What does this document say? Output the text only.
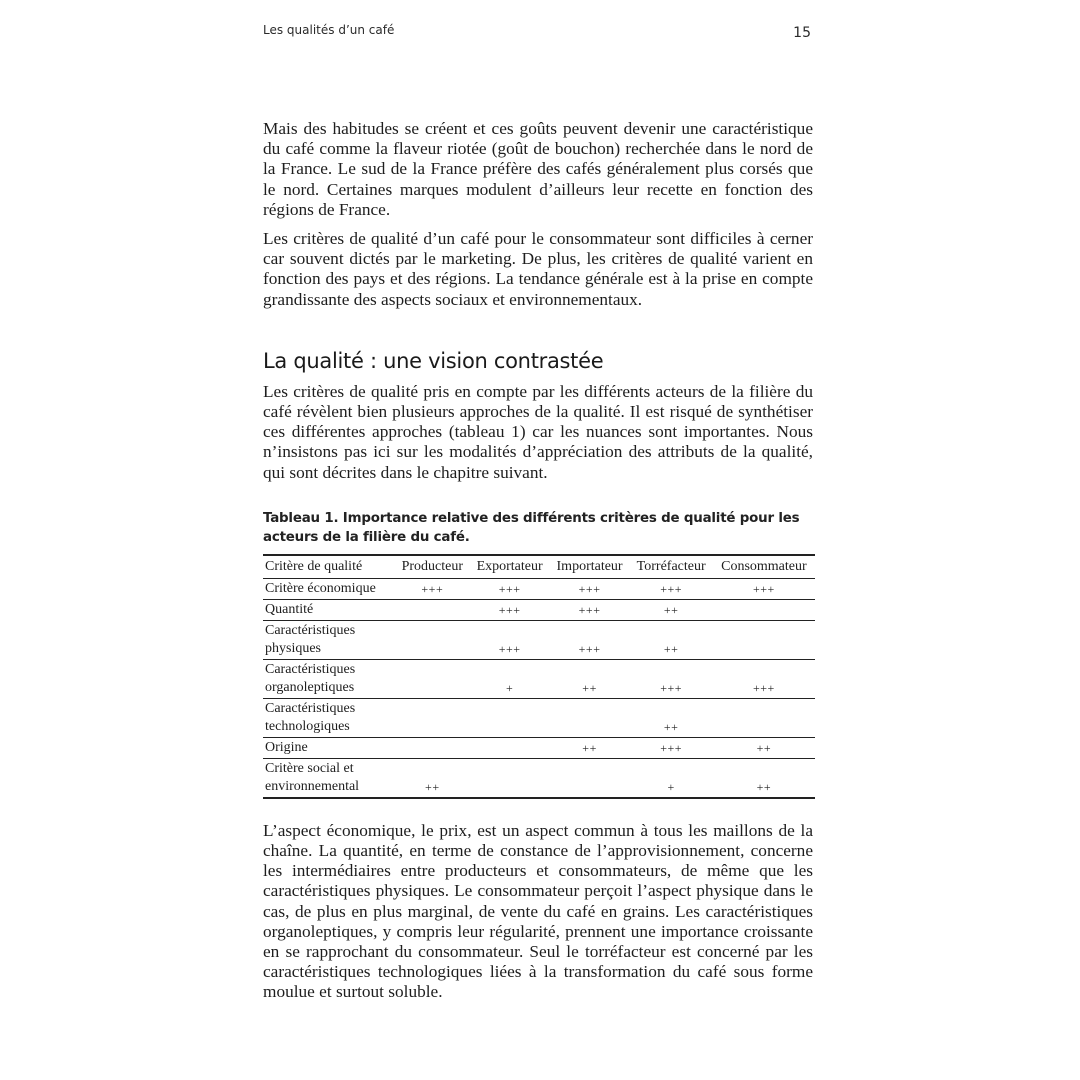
Les qualités d’un café	15

Mais des habitudes se créent et ces goûts peuvent devenir une caractéristique du café comme la flaveur riotée (goût de bouchon) recherchée dans le nord de la France. Le sud de la France préfère des cafés généralement plus corsés que le nord. Certaines marques modulent d’ailleurs leur recette en fonction des régions de France.

Les critères de qualité d’un café pour le consommateur sont difficiles à cerner car souvent dictés par le marketing. De plus, les critères de qualité varient en fonction des pays et des régions. La tendance générale est à la prise en compte grandissante des aspects sociaux et environnementaux.

La qualité : une vision contrastée

Les critères de qualité pris en compte par les différents acteurs de la filière du café révèlent bien plusieurs approches de la qualité. Il est risqué de synthétiser ces différentes approches (tableau 1) car les nuances sont importantes. Nous n’insistons pas ici sur les modalités d’appréciation des attributs de la qualité, qui sont décrites dans le chapitre suivant.

Tableau 1. Importance relative des différents critères de qualité pour les acteurs de la filière du café.
Critère de qualité	Producteur	Exportateur	Importateur	Torréfacteur	Consommateur

Critère économique	+++	+++	+++	+++	+++

Quantité		+++	+++	++	

Caractéristiques
physiques		+++	+++	++	

Caractéristiques
organoleptiques		+	++	+++	+++

Caractéristiques
technologiques				++	

Origine			++	+++	++

Critère social et
environnemental	++			+	++

L’aspect économique, le prix, est un aspect commun à tous les maillons de la chaîne. La quantité, en terme de constance de l’approvisionnement, concerne les intermédiaires entre producteurs et consommateurs, de même que les caractéristiques physiques. Le consommateur perçoit l’aspect physique dans le cas, de plus en plus marginal, de vente du café en grains. Les caractéristiques organoleptiques, y compris leur régularité, prennent une importance croissante en se rapprochant du consommateur. Seul le torréfacteur est concerné par les caractéristiques technologiques liées à la transformation du café sous forme moulue et surtout soluble.
